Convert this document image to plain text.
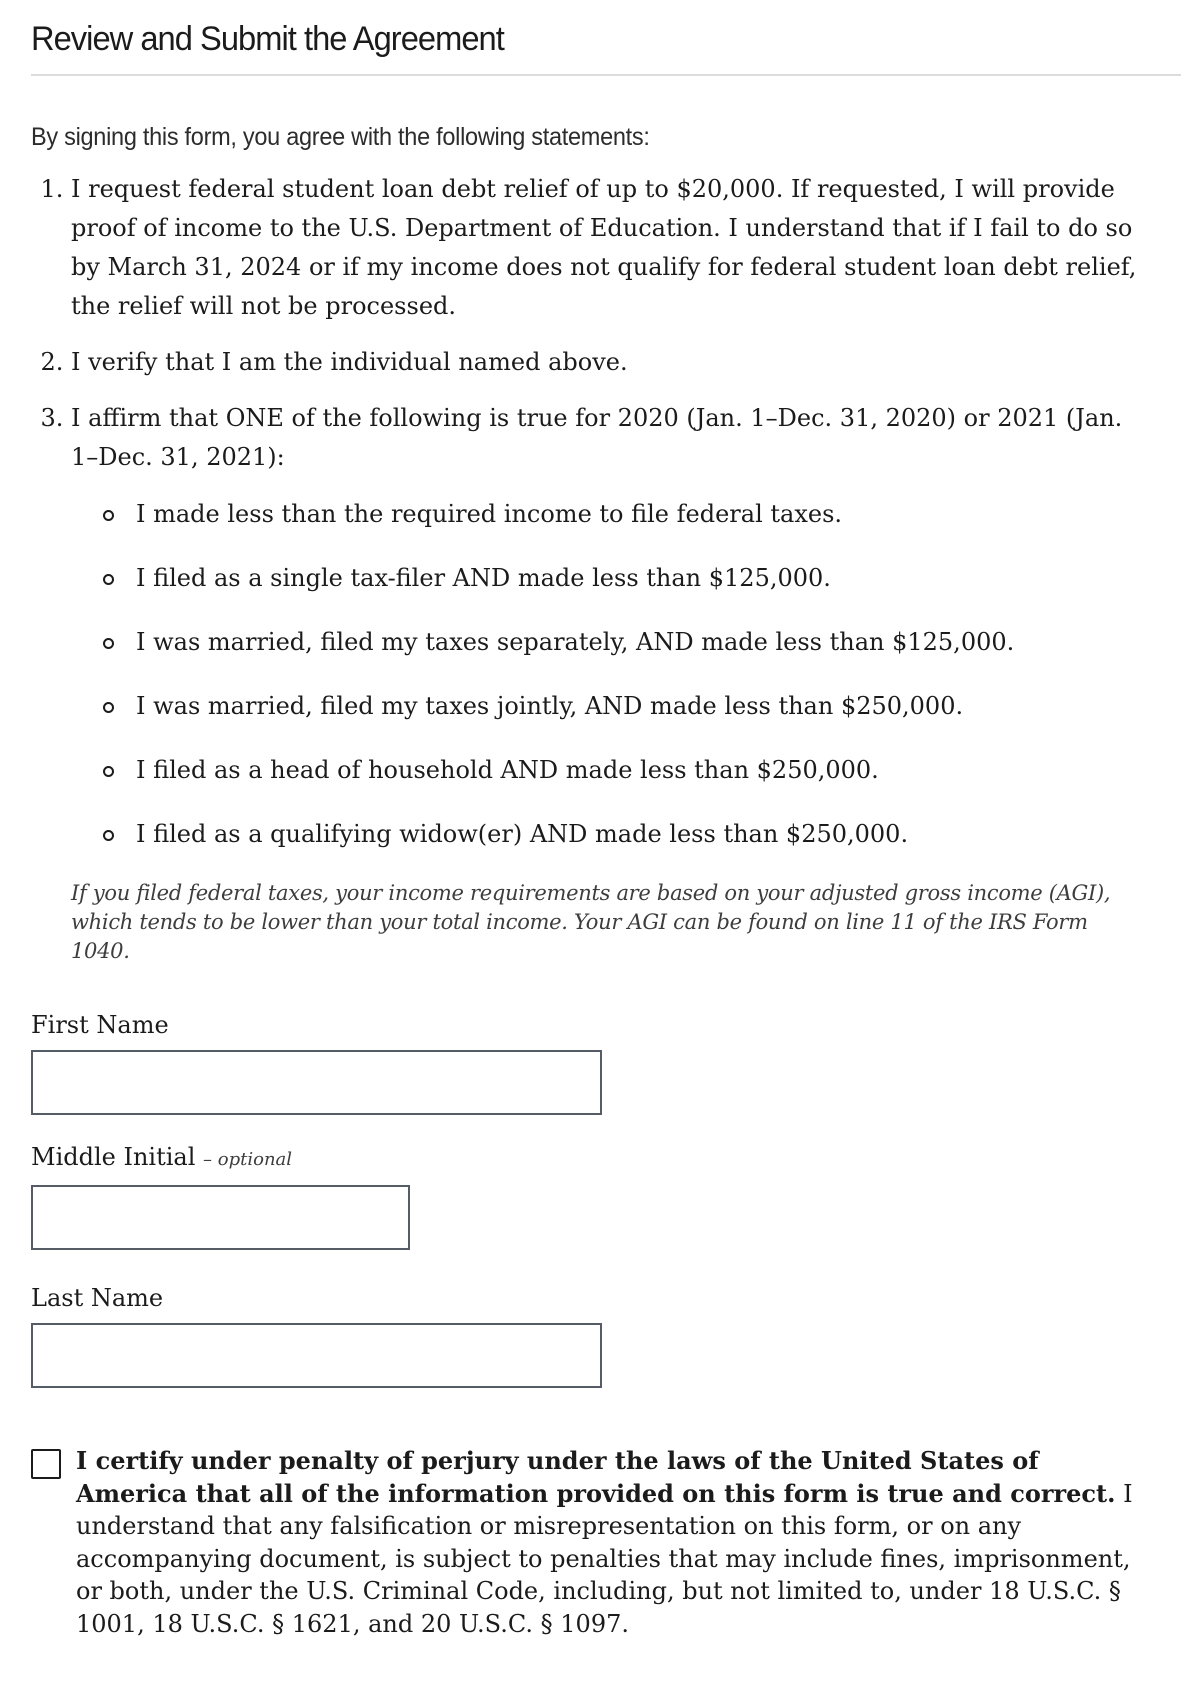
Review and Submit the Agreement

By signing this form, you agree with the following statements:

1. I request federal student loan debt relief of up to $20,000. If requested, I will provide proof of income to the U.S. Department of Education. I understand that if I fail to do so by March 31, 2024 or if my income does not qualify for federal student loan debt relief, the relief will not be processed.
2. I verify that I am the individual named above.
3. I affirm that ONE of the following is true for 2020 (Jan. 1–Dec. 31, 2020) or 2021 (Jan. 1–Dec. 31, 2021):
I made less than the required income to file federal taxes.
I filed as a single tax-filer AND made less than $125,000.
I was married, filed my taxes separately, AND made less than $125,000.
I was married, filed my taxes jointly, AND made less than $250,000.
I filed as a head of household AND made less than $250,000.
I filed as a qualifying widow(er) AND made less than $250,000.

If you filed federal taxes, your income requirements are based on your adjusted gross income (AGI), which tends to be lower than your total income. Your AGI can be found on line 11 of the IRS Form 1040.

First Name
Middle Initial – optional
Last Name
I certify under penalty of perjury under the laws of the United States of America that all of the information provided on this form is true and correct. I understand that any falsification or misrepresentation on this form, or on any accompanying document, is subject to penalties that may include fines, imprisonment, or both, under the U.S. Criminal Code, including, but not limited to, under 18 U.S.C. § 1001, 18 U.S.C. § 1621, and 20 U.S.C. § 1097.
